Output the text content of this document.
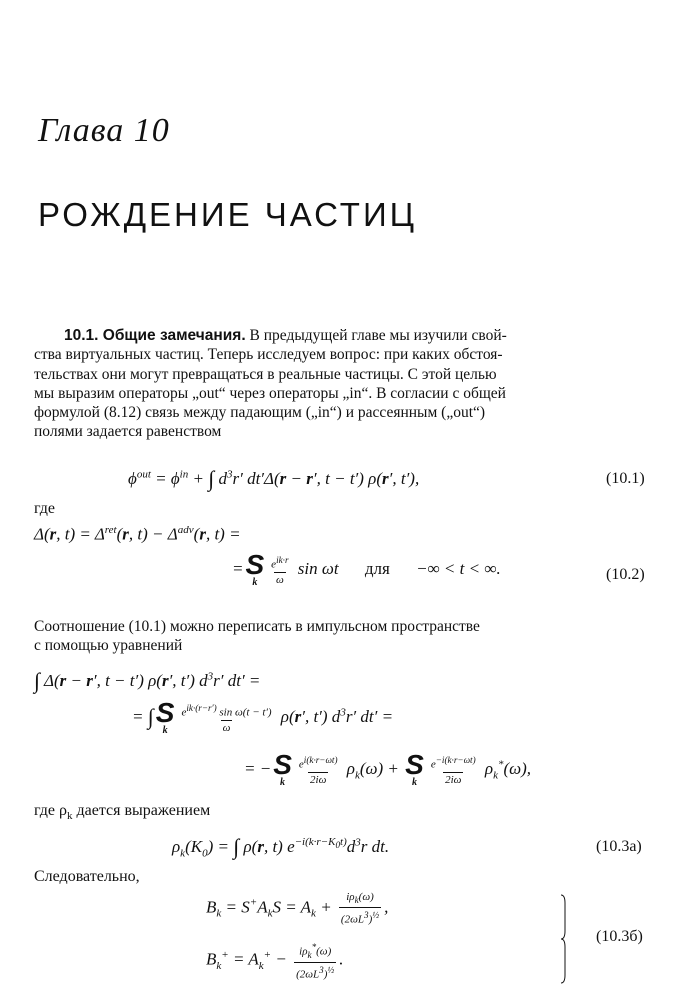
Глава 10
РОЖДЕНИЕ ЧАСТИЦ
10.1. Общие замечания. В предыдущей главе мы изучили свой-
ства виртуальных частиц. Теперь исследуем вопрос: при каких обстоя-
тельствах они могут превращаться в реальные частицы. С этой целью
мы выразим операторы „out“ через операторы „in“. В согласии с общей
формулой (8.12) связь между падающим („in“) и рассеянным („out“)
полями задается равенством
$\phi^{out} = \phi^{in}$ + ∫ $d^3r'$ dt′Δ(r − r′, t − t′) ρ(r′, t′),	(10.1)
где
Δ(r, $t) = \Delta^{ret}(r$, $t) - \Delta^{adv}(r$, t) =
= S
k $\frac{e^{ik\cdot r}}{\omega}$ sin ωt для −∞ < t < ∞.	(10.2)
Соотношение (10.1) можно переписать в импульсном пространстве
с помощью уравнений
∫ Δ(r − r′, t − t′) ρ(r′, t′) $d^3r'$ dt′ =
= ∫ S
k $\frac{e^{ik\cdot(r-r')} \sin \omega(t - t')}{\omega} \rho(r'$, t′) $d^3r'$ dt′ =
= − S
k $\frac{e^{i(k\cdot r-\omega t)}}{2i\omega} \rho_k(\omega) + S$
k $\frac{e^{-i(k\cdot r-\omega t)}}{2i\omega} \rho_k^*(\omega)$,
где $\rho_k$ дается выражением
$\rho_k(K_0)$ = ∫ ρ(r, t) $e^{-i(k\cdot r-K_0t)}d^3r$ dt.	(10.3а)
Следовательно,
$B_k = S^+A_kS = A_k + \frac{i\rho_k(\omega)}{(2\omega L^3)^{\frac{1}{2}}}$ ,
$B_k^+ = A_k^+ - \frac{i\rho_k^*(\omega)}{(2\omega L^3)^{\frac{1}{2}}}$ .
(10.3б)
